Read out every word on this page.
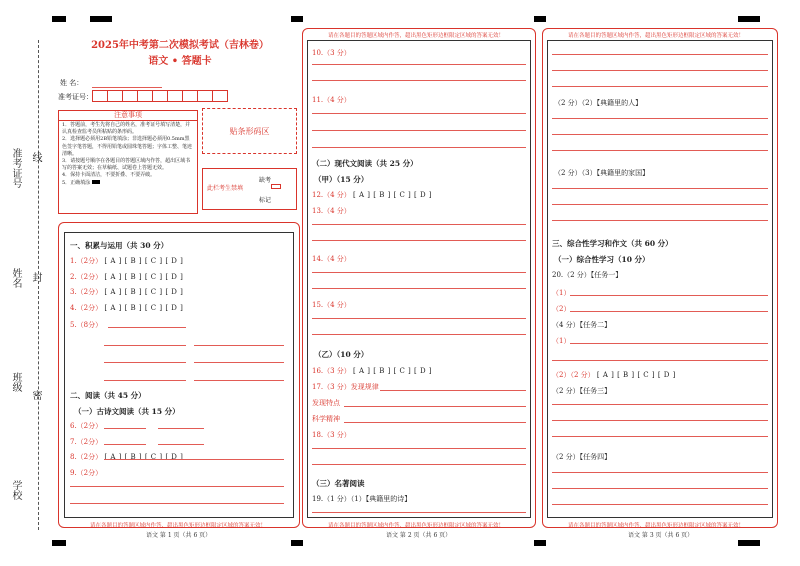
准考证号 线
姓名 封
班级
密
学校
2025年中考第二次模拟考试（吉林卷）
语文 • 答题卡
姓 名：
准考证号：
注意事项
1．答题前，考生先将自己的姓名，准考证号填写清楚，并认真检查监考员所粘贴的条形码。
2．选择题必须用2B铅笔填涂；非选择题必须用0.5mm黑色签字笔答题，不得用铅笔或圆珠笔答题；字体工整、笔迹清晰。
3．请按题号顺序在各题目的答题区域内作答，超出区域书写的答案无效；在草稿纸、试题卷上答题无效。
4．保持卡面清洁，不要折叠、不要弄破。
5．正确填涂
贴条形码区
此栏考生禁填
缺考
标记
一、积累与运用（共 30 分）
1.（2分） [ A ] [ B ] [ C ] [ D ]
2.（2分） [ A ] [ B ] [ C ] [ D ]
3.（2分） [ A ] [ B ] [ C ] [ D ]
4.（2分） [ A ] [ B ] [ C ] [ D ]
5.（8分）
二、阅读（共 45 分）
（一）古诗文阅读（共 15 分）
6.（2分）
7.（2分）
8.（2分） [ A ] [ B ] [ C ] [ D ]
9.（2分）
请在各题目的答题区域内作答，超出黑色矩形边框限定区域的答案无效！
语文 第 1 页（共 6 页）
请在各题目的答题区域内作答，超出黑色矩形边框限定区域的答案无效！
10.（3 分）
11.（4 分）
（二）现代文阅读（共 25 分）
（甲）（15 分）
12.（4 分） [ A ] [ B ] [ C ] [ D ]
13.（4 分）
14.（4 分）
15.（4 分）
（乙）（10 分）
16.（3 分） [ A ] [ B ] [ C ] [ D ]
17.（3 分）发现规律
发现特点
科学精神
18.（3 分）
（三）名著阅读
19.（1 分）（1）【典籍里的诗】
请在各题目的答题区域内作答，超出黑色矩形边框限定区域的答案无效！
语文 第 2 页（共 6 页）
请在各题目的答题区域内作答，超出黑色矩形边框限定区域的答案无效！
（2 分）（2）【典籍里的人】
（2 分）（3）【典籍里的家国】
三、综合性学习和作文（共 60 分）
（一）综合性学习（10 分）
20.（2 分）【任务一】
（1）
（2）
（4 分）【任务二】
（1）
（2）（2 分） [ A ] [ B ] [ C ] [ D ]
（2 分）【任务三】
（2 分）【任务四】
请在各题目的答题区域内作答，超出黑色矩形边框限定区域的答案无效！
语文 第 3 页（共 6 页）
